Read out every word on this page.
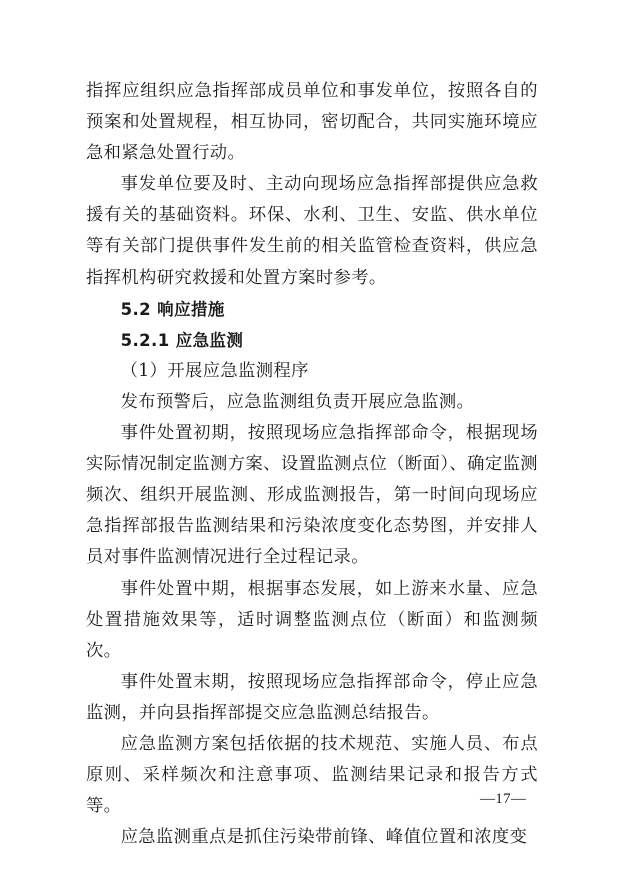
指挥应组织应急指挥部成员单位和事发单位，按照各自的预案和处置规程，相互协同，密切配合，共同实施环境应急和紧急处置行动。

事发单位要及时、主动向现场应急指挥部提供应急救援有关的基础资料。环保、水利、卫生、安监、供水单位等有关部门提供事件发生前的相关监管检查资料，供应急指挥机构研究救援和处置方案时参考。

5.2 响应措施

5.2.1 应急监测

（1）开展应急监测程序

发布预警后，应急监测组负责开展应急监测。

事件处置初期，按照现场应急指挥部命令，根据现场实际情况制定监测方案、设置监测点位（断面）、确定监测频次、组织开展监测、形成监测报告，第一时间向现场应急指挥部报告监测结果和污染浓度变化态势图，并安排人员对事件监测情况进行全过程记录。

事件处置中期，根据事态发展，如上游来水量、应急处置措施效果等，适时调整监测点位（断面）和监测频次。

事件处置末期，按照现场应急指挥部命令，停止应急监测，并向县指挥部提交应急监测总结报告。

应急监测方案包括依据的技术规范、实施人员、布点原则、采样频次和注意事项、监测结果记录和报告方式等。

应急监测重点是抓住污染带前锋、峰值位置和浓度变

—17—
